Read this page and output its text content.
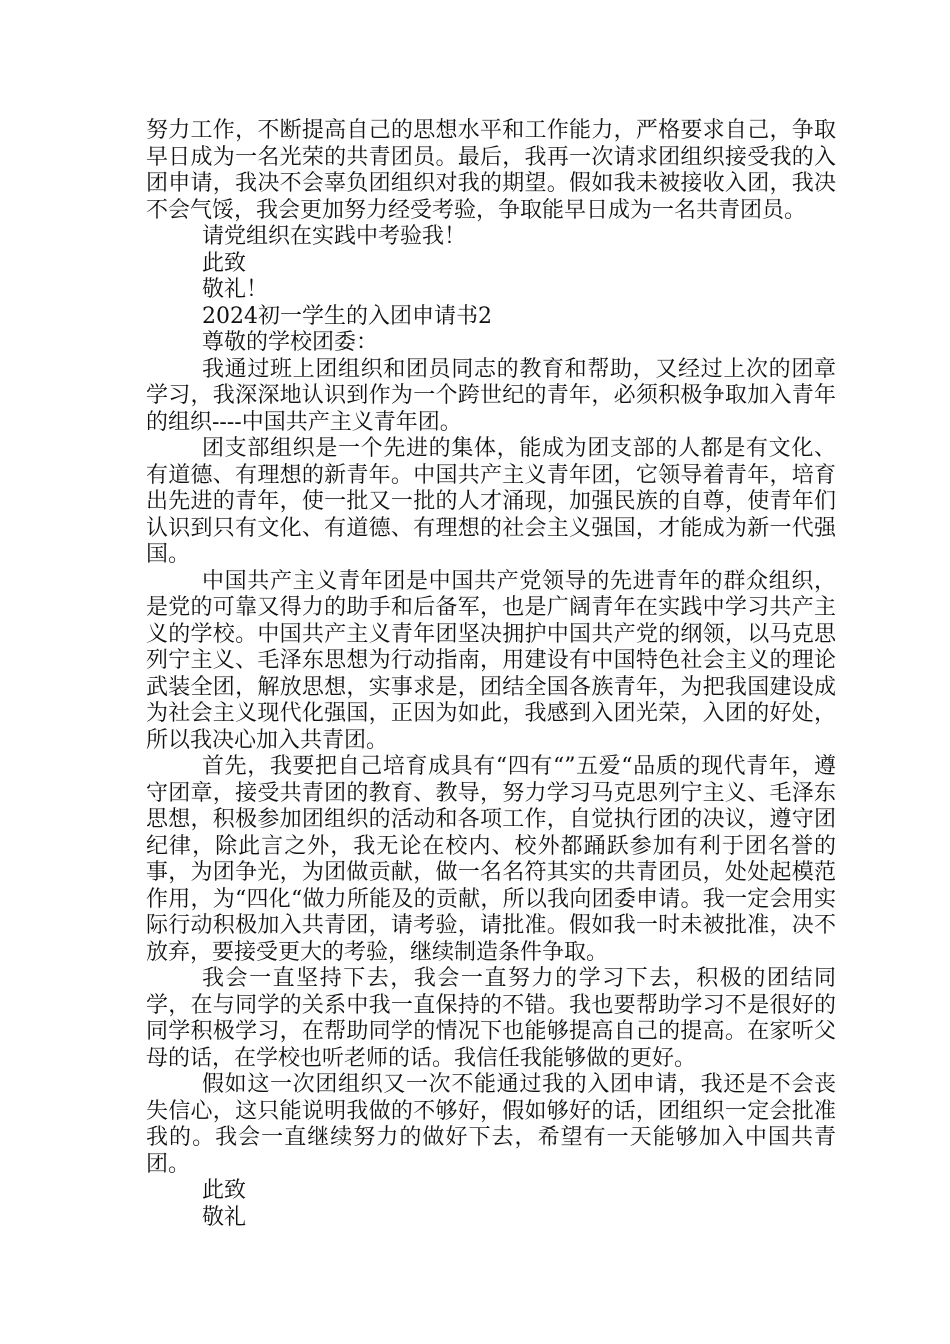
努力工作，不断提高自己的思想水平和工作能力，严格要求自己，争取早日成为一名光荣的共青团员。最后，我再一次请求团组织接受我的入团申请，我决不会辜负团组织对我的期望。假如我未被接收入团，我决不会气馁，我会更加努力经受考验，争取能早日成为一名共青团员。

请党组织在实践中考验我！

此致

敬礼！

2024初一学生的入团申请书2

尊敬的学校团委：

我通过班上团组织和团员同志的教育和帮助，又经过上次的团章学习，我深深地认识到作为一个跨世纪的青年，必须积极争取加入青年的组织----中国共产主义青年团。

团支部组织是一个先进的集体，能成为团支部的人都是有文化、有道德、有理想的新青年。中国共产主义青年团，它领导着青年，培育出先进的青年，使一批又一批的人才涌现，加强民族的自尊，使青年们认识到只有文化、有道德、有理想的社会主义强国，才能成为新一代强国。

中国共产主义青年团是中国共产党领导的先进青年的群众组织，是党的可靠又得力的助手和后备军，也是广阔青年在实践中学习共产主义的学校。中国共产主义青年团坚决拥护中国共产党的纲领，以马克思列宁主义、毛泽东思想为行动指南，用建设有中国特色社会主义的理论武装全团，解放思想，实事求是，团结全国各族青年，为把我国建设成为社会主义现代化强国，正因为如此，我感到入团光荣，入团的好处，所以我决心加入共青团。

首先，我要把自己培育成具有“四有“”五爱“品质的现代青年，遵守团章，接受共青团的教育、教导，努力学习马克思列宁主义、毛泽东思想，积极参加团组织的活动和各项工作，自觉执行团的决议，遵守团纪律，除此言之外，我无论在校内、校外都踊跃参加有利于团名誉的事，为团争光，为团做贡献，做一名名符其实的共青团员，处处起模范作用，为“四化“做力所能及的贡献，所以我向团委申请。我一定会用实际行动积极加入共青团，请考验，请批准。假如我一时未被批准，决不放弃，要接受更大的考验，继续制造条件争取。

我会一直坚持下去，我会一直努力的学习下去，积极的团结同学，在与同学的关系中我一直保持的不错。我也要帮助学习不是很好的同学积极学习，在帮助同学的情况下也能够提高自己的提高。在家听父母的话，在学校也听老师的话。我信任我能够做的更好。

假如这一次团组织又一次不能通过我的入团申请，我还是不会丧失信心，这只能说明我做的不够好，假如够好的话，团组织一定会批准我的。我会一直继续努力的做好下去，希望有一天能够加入中国共青团。

此致

敬礼
